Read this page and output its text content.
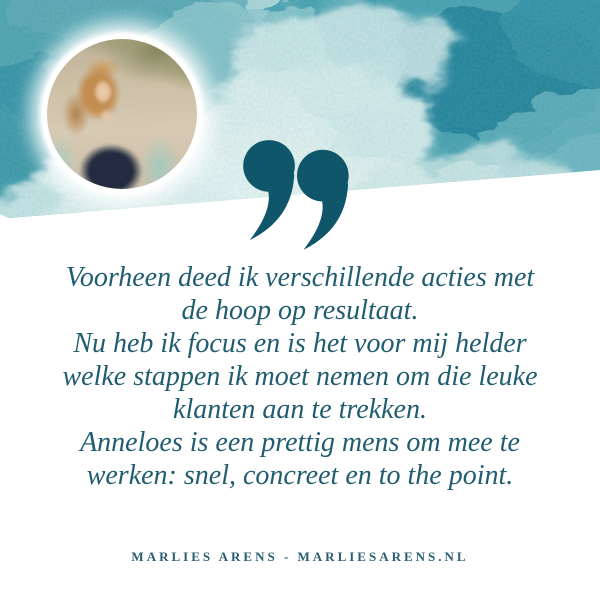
Voorheen deed ik verschillende acties met
de hoop op resultaat.
Nu heb ik focus en is het voor mij helder
welke stappen ik moet nemen om die leuke
klanten aan te trekken.
Anneloes is een prettig mens om mee te
werken: snel, concreet en to the point.
MARLIES ARENS - MARLIESARENS.NL
